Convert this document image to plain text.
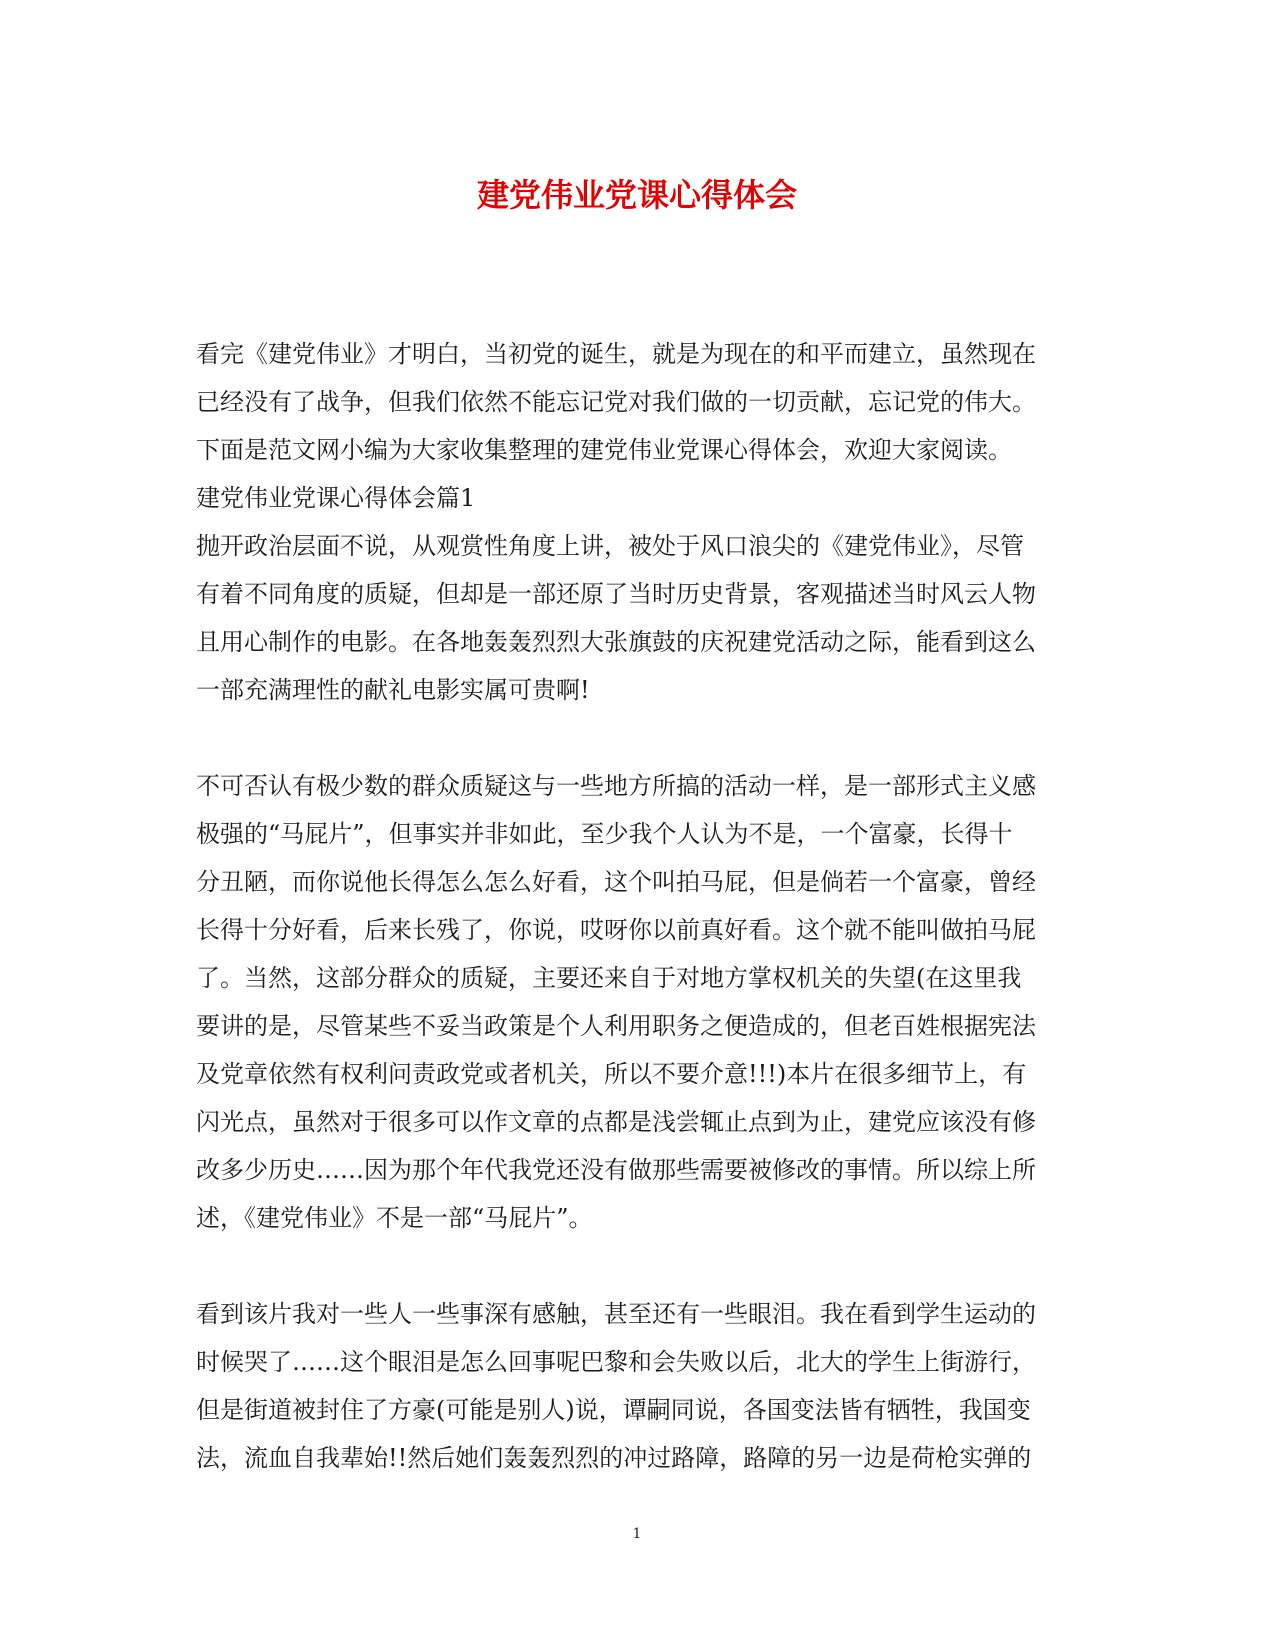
建党伟业党课心得体会

看完《建党伟业》才明白，当初党的诞生，就是为现在的和平而建立，虽然现在

已经没有了战争，但我们依然不能忘记党对我们做的一切贡献，忘记党的伟大。

下面是范文网小编为大家收集整理的建党伟业党课心得体会，欢迎大家阅读。

建党伟业党课心得体会篇1

抛开政治层面不说，从观赏性角度上讲，被处于风口浪尖的《建党伟业》，尽管

有着不同角度的质疑，但却是一部还原了当时历史背景，客观描述当时风云人物

且用心制作的电影。在各地轰轰烈烈大张旗鼓的庆祝建党活动之际，能看到这么

一部充满理性的献礼电影实属可贵啊!

不可否认有极少数的群众质疑这与一些地方所搞的活动一样，是一部形式主义感

极强的“马屁片”，但事实并非如此，至少我个人认为不是，一个富豪，长得十

分丑陋，而你说他长得怎么怎么好看，这个叫拍马屁，但是倘若一个富豪，曾经

长得十分好看，后来长残了，你说，哎呀你以前真好看。这个就不能叫做拍马屁

了。当然，这部分群众的质疑，主要还来自于对地方掌权机关的失望(在这里我

要讲的是，尽管某些不妥当政策是个人利用职务之便造成的，但老百姓根据宪法

及党章依然有权利问责政党或者机关，所以不要介意!!!)本片在很多细节上，有

闪光点，虽然对于很多可以作文章的点都是浅尝辄止点到为止，建党应该没有修

改多少历史……因为那个年代我党还没有做那些需要被修改的事情。所以综上所

述，《建党伟业》不是一部“马屁片”。

看到该片我对一些人一些事深有感触，甚至还有一些眼泪。我在看到学生运动的

时候哭了……这个眼泪是怎么回事呢巴黎和会失败以后，北大的学生上街游行，

但是街道被封住了方豪(可能是别人)说，谭嗣同说，各国变法皆有牺牲，我国变

法，流血自我辈始!!然后她们轰轰烈烈的冲过路障，路障的另一边是荷枪实弹的

1
